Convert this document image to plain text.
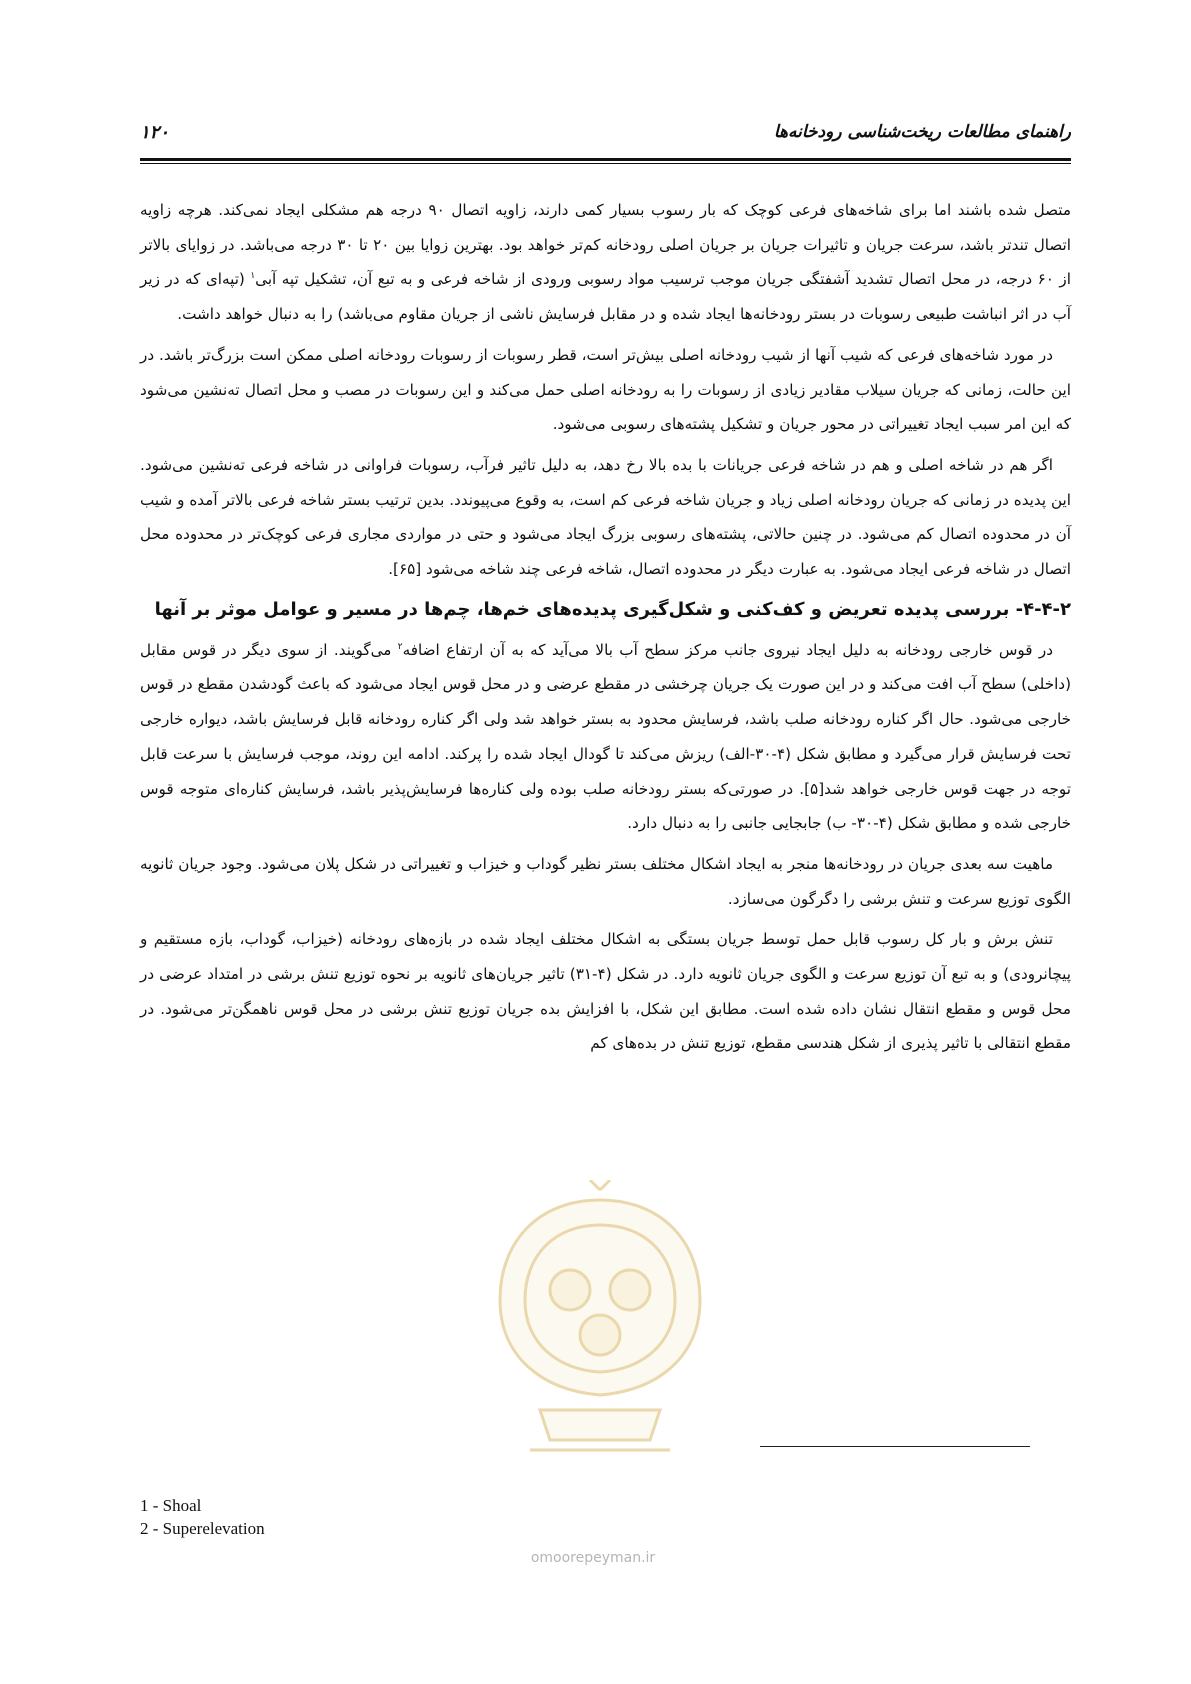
راهنمای مطالعات ریخت‌شناسی رودخانه‌ها
۱۲۰

متصل شده باشند اما برای شاخه‌های فرعی کوچک که بار رسوب بسیار کمی دارند، زاویه اتصال ۹۰ درجه هم مشکلی ایجاد نمی‌کند. هرچه زاویه اتصال تندتر باشد، سرعت جریان و تاثیرات جریان بر جریان اصلی رودخانه کم‌تر خواهد بود. بهترین زوایا بین ۲۰ تا ۳۰ درجه می‌باشد. در زوایای بالاتر از ۶۰ درجه، در محل اتصال تشدید آشفتگی جریان موجب ترسیب مواد رسوبی ورودی از شاخه فرعی و به تبع آن، تشکیل تپه آبی$^۱$ (تپه‌ای که در زیر آب در اثر انباشت طبیعی رسوبات در بستر رودخانه‌ها ایجاد شده و در مقابل فرسایش ناشی از جریان مقاوم می‌باشد) را به دنبال خواهد داشت.

در مورد شاخه‌های فرعی که شیب آنها از شیب رودخانه اصلی بیش‌تر است، قطر رسوبات از رسوبات رودخانه اصلی ممکن است بزرگ‌تر باشد. در این حالت، زمانی که جریان سیلاب مقادیر زیادی از رسوبات را به رودخانه اصلی حمل می‌کند و این رسوبات در مصب و محل اتصال ته‌نشین می‌شود که این امر سبب ایجاد تغییراتی در محور جریان و تشکیل پشته‌های رسوبی می‌شود.

اگر هم در شاخه اصلی و هم در شاخه فرعی جریانات با بده بالا رخ دهد، به دلیل تاثیر فرآب، رسوبات فراوانی در شاخه فرعی ته‌نشین می‌شود. این پدیده در زمانی که جریان رودخانه اصلی زیاد و جریان شاخه فرعی کم است، به وقوع می‌پیوندد. بدین ترتیب بستر شاخه فرعی بالاتر آمده و شیب آن در محدوده اتصال کم می‌شود. در چنین حالاتی، پشته‌های رسوبی بزرگ ایجاد می‌شود و حتی در مواردی مجاری فرعی کوچک‌تر در محدوده محل اتصال در شاخه فرعی ایجاد می‌شود. به عبارت دیگر در محدوده اتصال، شاخه فرعی چند شاخه می‌شود [۶۵].

۴-۴-۲- بررسی پدیده تعریض و کف‌کنی و شکل‌گیری پدیده‌های خم‌ها، چم‌ها در مسیر و عوامل موثر بر آنها

در قوس خارجی رودخانه به دلیل ایجاد نیروی جانب مرکز سطح آب بالا می‌آید که به آن ارتفاع اضافه$^۲$ می‌گویند. از سوی دیگر در قوس مقابل (داخلی) سطح آب افت می‌کند و در این صورت یک جریان چرخشی در مقطع عرضی و در محل قوس ایجاد می‌شود که باعث گودشدن مقطع در قوس خارجی می‌شود. حال اگر کناره رودخانه صلب باشد، فرسایش محدود به بستر خواهد شد ولی اگر کناره رودخانه قابل فرسایش باشد، دیواره خارجی تحت فرسایش قرار می‌گیرد و مطابق شکل (۴-۳۰-الف) ریزش می‌کند تا گودال ایجاد شده را پرکند. ادامه این روند، موجب فرسایش با سرعت قابل توجه در جهت قوس خارجی خواهد شد[۵]. در صورتی‌که بستر رودخانه صلب بوده ولی کناره‌ها فرسایش‌پذیر باشد، فرسایش کناره‌ای متوجه قوس خارجی شده و مطابق شکل (۴-۳۰- ب) جابجایی جانبی را به دنبال دارد.

ماهیت سه بعدی جریان در رودخانه‌ها منجر به ایجاد اشکال مختلف بستر نظیر گوداب و خیزاب و تغییراتی در شکل پلان می‌شود. وجود جریان ثانویه الگوی توزیع سرعت و تنش برشی را دگرگون می‌سازد.

تنش برش و بار کل رسوب قابل حمل توسط جریان بستگی به اشکال مختلف ایجاد شده در بازه‌های رودخانه (خیزاب، گوداب، بازه مستقیم و پیچانرودی) و به تبع آن توزیع سرعت و الگوی جریان ثانویه دارد. در شکل (۴-۳۱) تاثیر جریان‌های ثانویه بر نحوه توزیع تنش برشی در امتداد عرضی در محل قوس و مقطع انتقال نشان داده شده است. مطابق این شکل، با افزایش بده جریان توزیع تنش برشی در محل قوس ناهمگن‌تر می‌شود. در مقطع انتقالی با تاثیر پذیری از شکل هندسی مقطع، توزیع تنش در بده‌های کم

omoorepeyman.ir
1 - Shoal
2 - Superelevation
